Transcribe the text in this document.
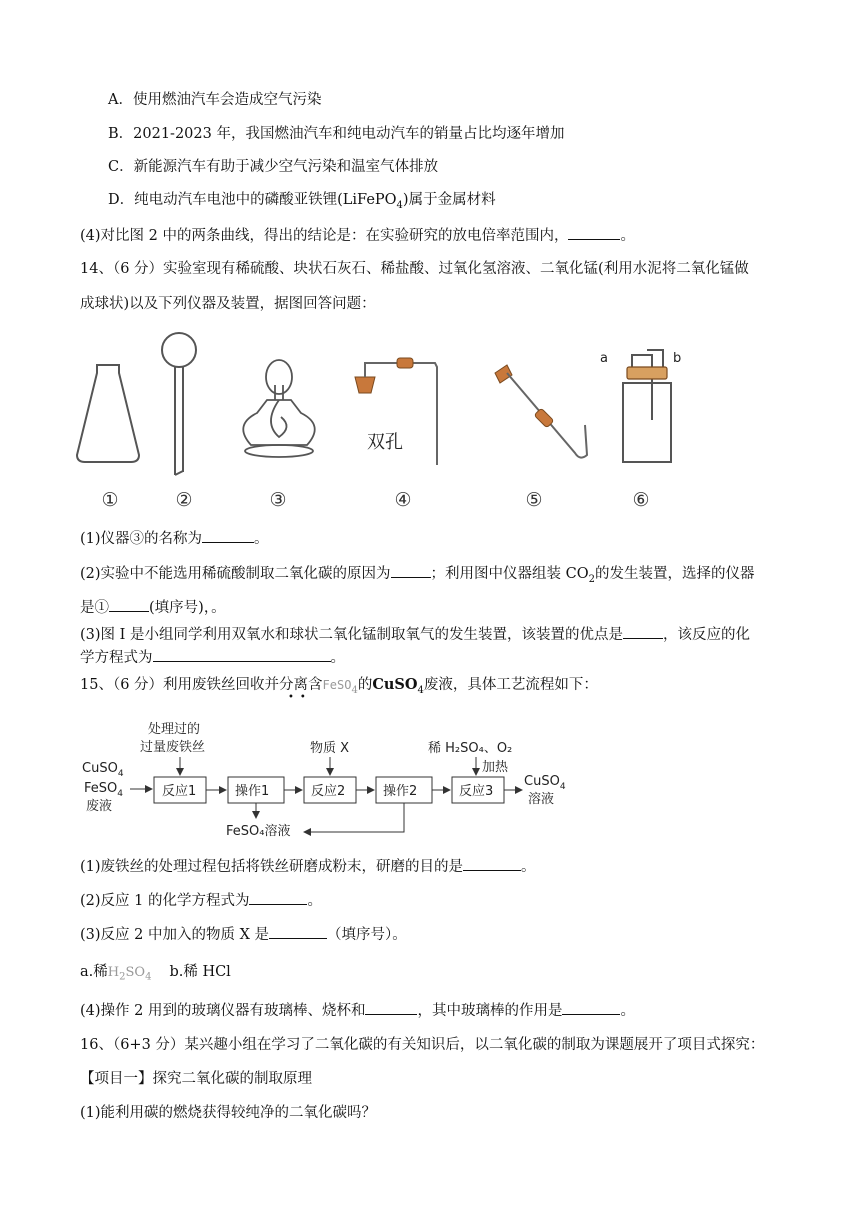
A．使用燃油汽车会造成空气污染
B．2021-2023 年，我国燃油汽车和纯电动汽车的销量占比均逐年增加
C．新能源汽车有助于减少空气污染和温室气体排放
D．纯电动汽车电池中的磷酸亚铁锂(LiFePO$_4$)属于金属材料
(4)对比图 2 中的两条曲线，得出的结论是：在实验研究的放电倍率范围内，	。
14、（6 分）实验室现有稀硫酸、块状石灰石、稀盐酸、过氧化氢溶液、二氧化锰(利用水泥将二氧化锰做
成球状)以及下列仪器及装置，据图回答问题：
双孔
a	b
①	②	③	④	⑤	⑥
(1)仪器③的名称为	。
(2)实验中不能选用稀硫酸制取二氧化碳的原因为	；利用图中仪器组装 $CO_2$的发生装置，选择的仪器
是①	(填序号)，。
(3)图 I 是小组同学利用双氧水和球状二氧化锰制取氧气的发生装置，该装置的优点是	，该反应的化
学方程式为	。
15、（6 分）利用废铁丝回收并分离含FeSO$_4$的CuSO$_4$废液，具体工艺流程如下：
••
CuSO$_4$
FeSO$_4$
废液
处理过的
过量废铁丝
反应1	操作1
物质 X
反应2	操作2
稀 H₂SO₄、O₂
加热
反应3
CuSO$_4$
溶液
FeSO₄溶液
(1)废铁丝的处理过程包括将铁丝研磨成粉末，研磨的目的是	。
(2)反应 1 的化学方程式为	。
(3)反应 2 中加入的物质 X 是	（填序号）。
a.稀$H_2SO_4$ b.稀 HCl
(4)操作 2 用到的玻璃仪器有玻璃棒、烧杯和	，其中玻璃棒的作用是	。
16、（6+3 分）某兴趣小组在学习了二氧化碳的有关知识后，以二氧化碳的制取为课题展开了项目式探究：
【项目一】探究二氧化碳的制取原理
(1)能利用碳的燃烧获得较纯净的二氧化碳吗？
